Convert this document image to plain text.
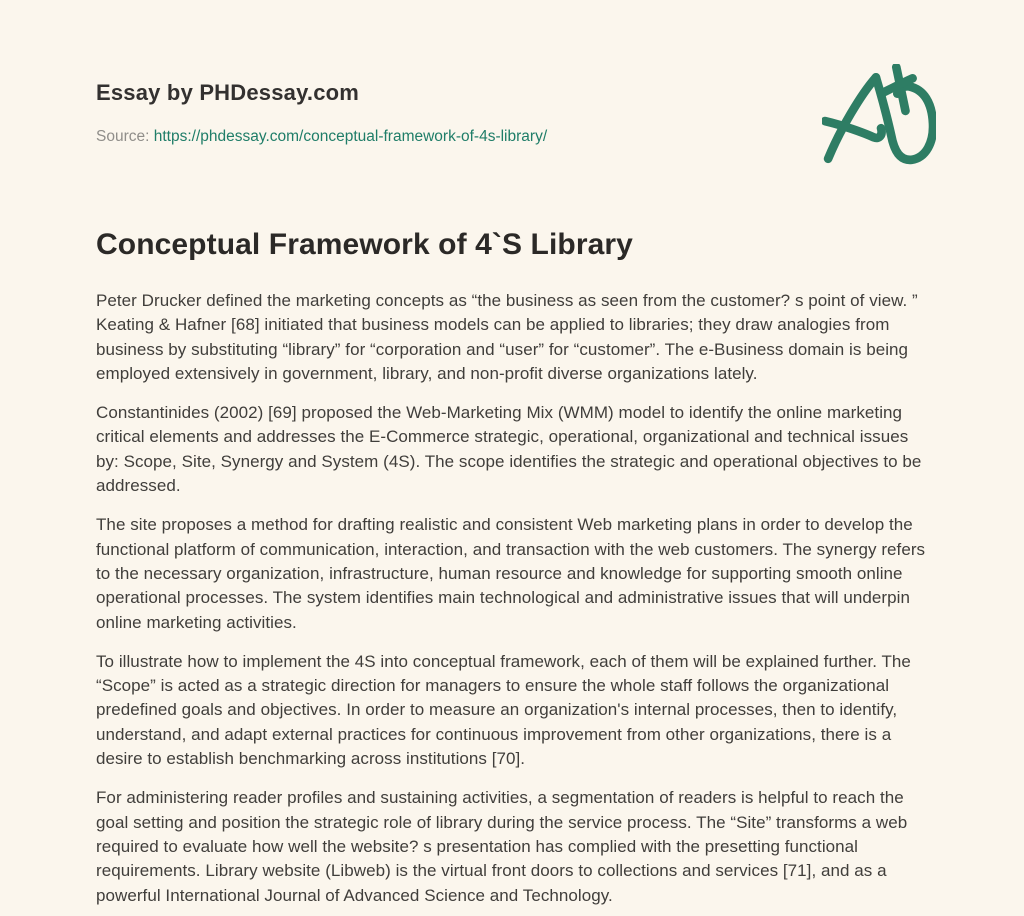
Essay by PHDessay.com

Source: https://phdessay.com/conceptual-framework-of-4s-library/

Conceptual Framework of 4`S Library

Peter Drucker defined the marketing concepts as “the business as seen from the customer? s point of view. ” Keating & Hafner [68] initiated that business models can be applied to libraries; they draw analogies from business by substituting “library” for “corporation and “user” for “customer”. The e-Business domain is being employed extensively in government, library, and non-profit diverse organizations lately.

Constantinides (2002) [69] proposed the Web-Marketing Mix (WMM) model to identify the online marketing critical elements and addresses the E-Commerce strategic, operational, organizational and technical issues by: Scope, Site, Synergy and System (4S). The scope identifies the strategic and operational objectives to be addressed.

The site proposes a method for drafting realistic and consistent Web marketing plans in order to develop the functional platform of communication, interaction, and transaction with the web customers. The synergy refers to the necessary organization, infrastructure, human resource and knowledge for supporting smooth online operational processes. The system identifies main technological and administrative issues that will underpin online marketing activities.

To illustrate how to implement the 4S into conceptual framework, each of them will be explained further. The “Scope” is acted as a strategic direction for managers to ensure the whole staff follows the organizational predefined goals and objectives. In order to measure an organization's internal processes, then to identify, understand, and adapt external practices for continuous improvement from other organizations, there is a desire to establish benchmarking across institutions [70].

For administering reader profiles and sustaining activities, a segmentation of readers is helpful to reach the goal setting and position the strategic role of library during the service process. The “Site” transforms a web required to evaluate how well the website? s presentation has complied with the presetting functional requirements. Library website (Libweb) is the virtual front doors to collections and services [71], and as a powerful International Journal of Advanced Science and Technology.
